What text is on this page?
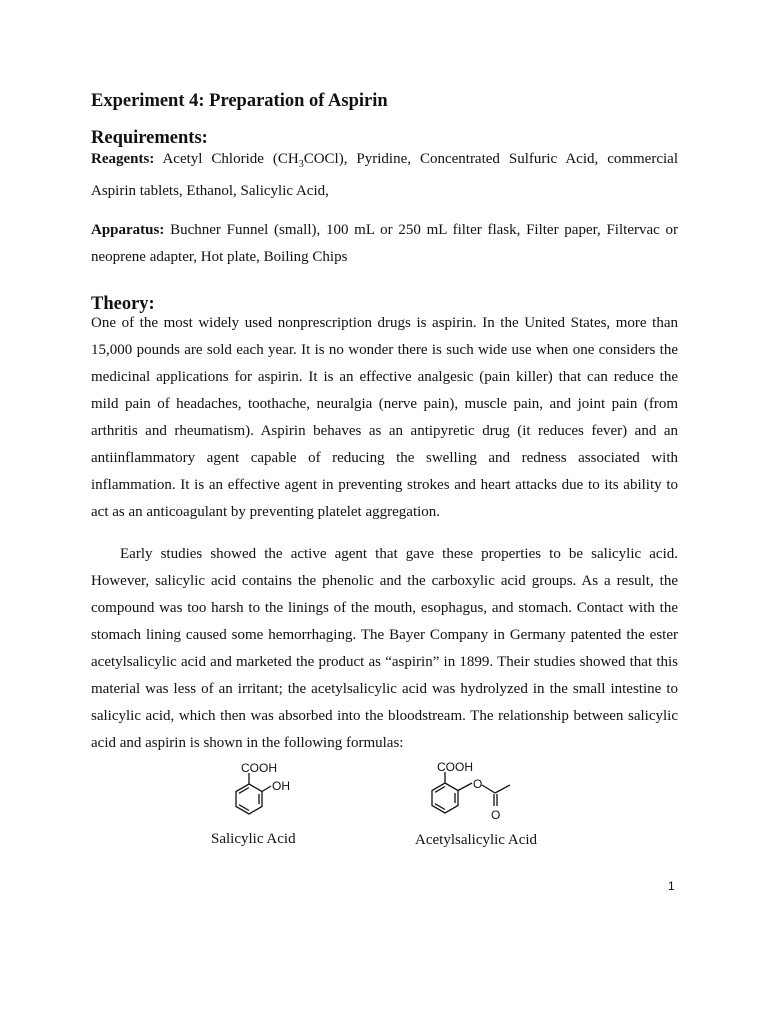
Experiment 4: Preparation of Aspirin
Requirements:

Reagents: Acetyl Chloride $(CH_3COCl)$, Pyridine, Concentrated Sulfuric Acid, commercial Aspirin tablets, Ethanol, Salicylic Acid,

Apparatus: Buchner Funnel (small), 100 mL or 250 mL filter flask, Filter paper, Filtervac or neoprene adapter, Hot plate, Boiling Chips

Theory:

One of the most widely used nonprescription drugs is aspirin. In the United States, more than 15,000 pounds are sold each year. It is no wonder there is such wide use when one considers the medicinal applications for aspirin. It is an effective analgesic (pain killer) that can reduce the mild pain of headaches, toothache, neuralgia (nerve pain), muscle pain, and joint pain (from arthritis and rheumatism). Aspirin behaves as an antipyretic drug (it reduces fever) and an antiinflammatory agent capable of reducing the swelling and redness associated with inflammation. It is an effective agent in preventing strokes and heart attacks due to its ability to act as an anticoagulant by preventing platelet aggregation.

Early studies showed the active agent that gave these properties to be salicylic acid. However, salicylic acid contains the phenolic and the carboxylic acid groups. As a result, the compound was too harsh to the linings of the mouth, esophagus, and stomach. Contact with the stomach lining caused some hemorrhaging. The Bayer Company in Germany patented the ester acetylsalicylic acid and marketed the product as “aspirin” in 1899. Their studies showed that this material was less of an irritant; the acetylsalicylic acid was hydrolyzed in the small intestine to salicylic acid, which then was absorbed into the bloodstream. The relationship between salicylic acid and aspirin is shown in the following formulas:

COOH
OH

Salicylic Acid

COOH
O
O

Acetylsalicylic Acid

1
